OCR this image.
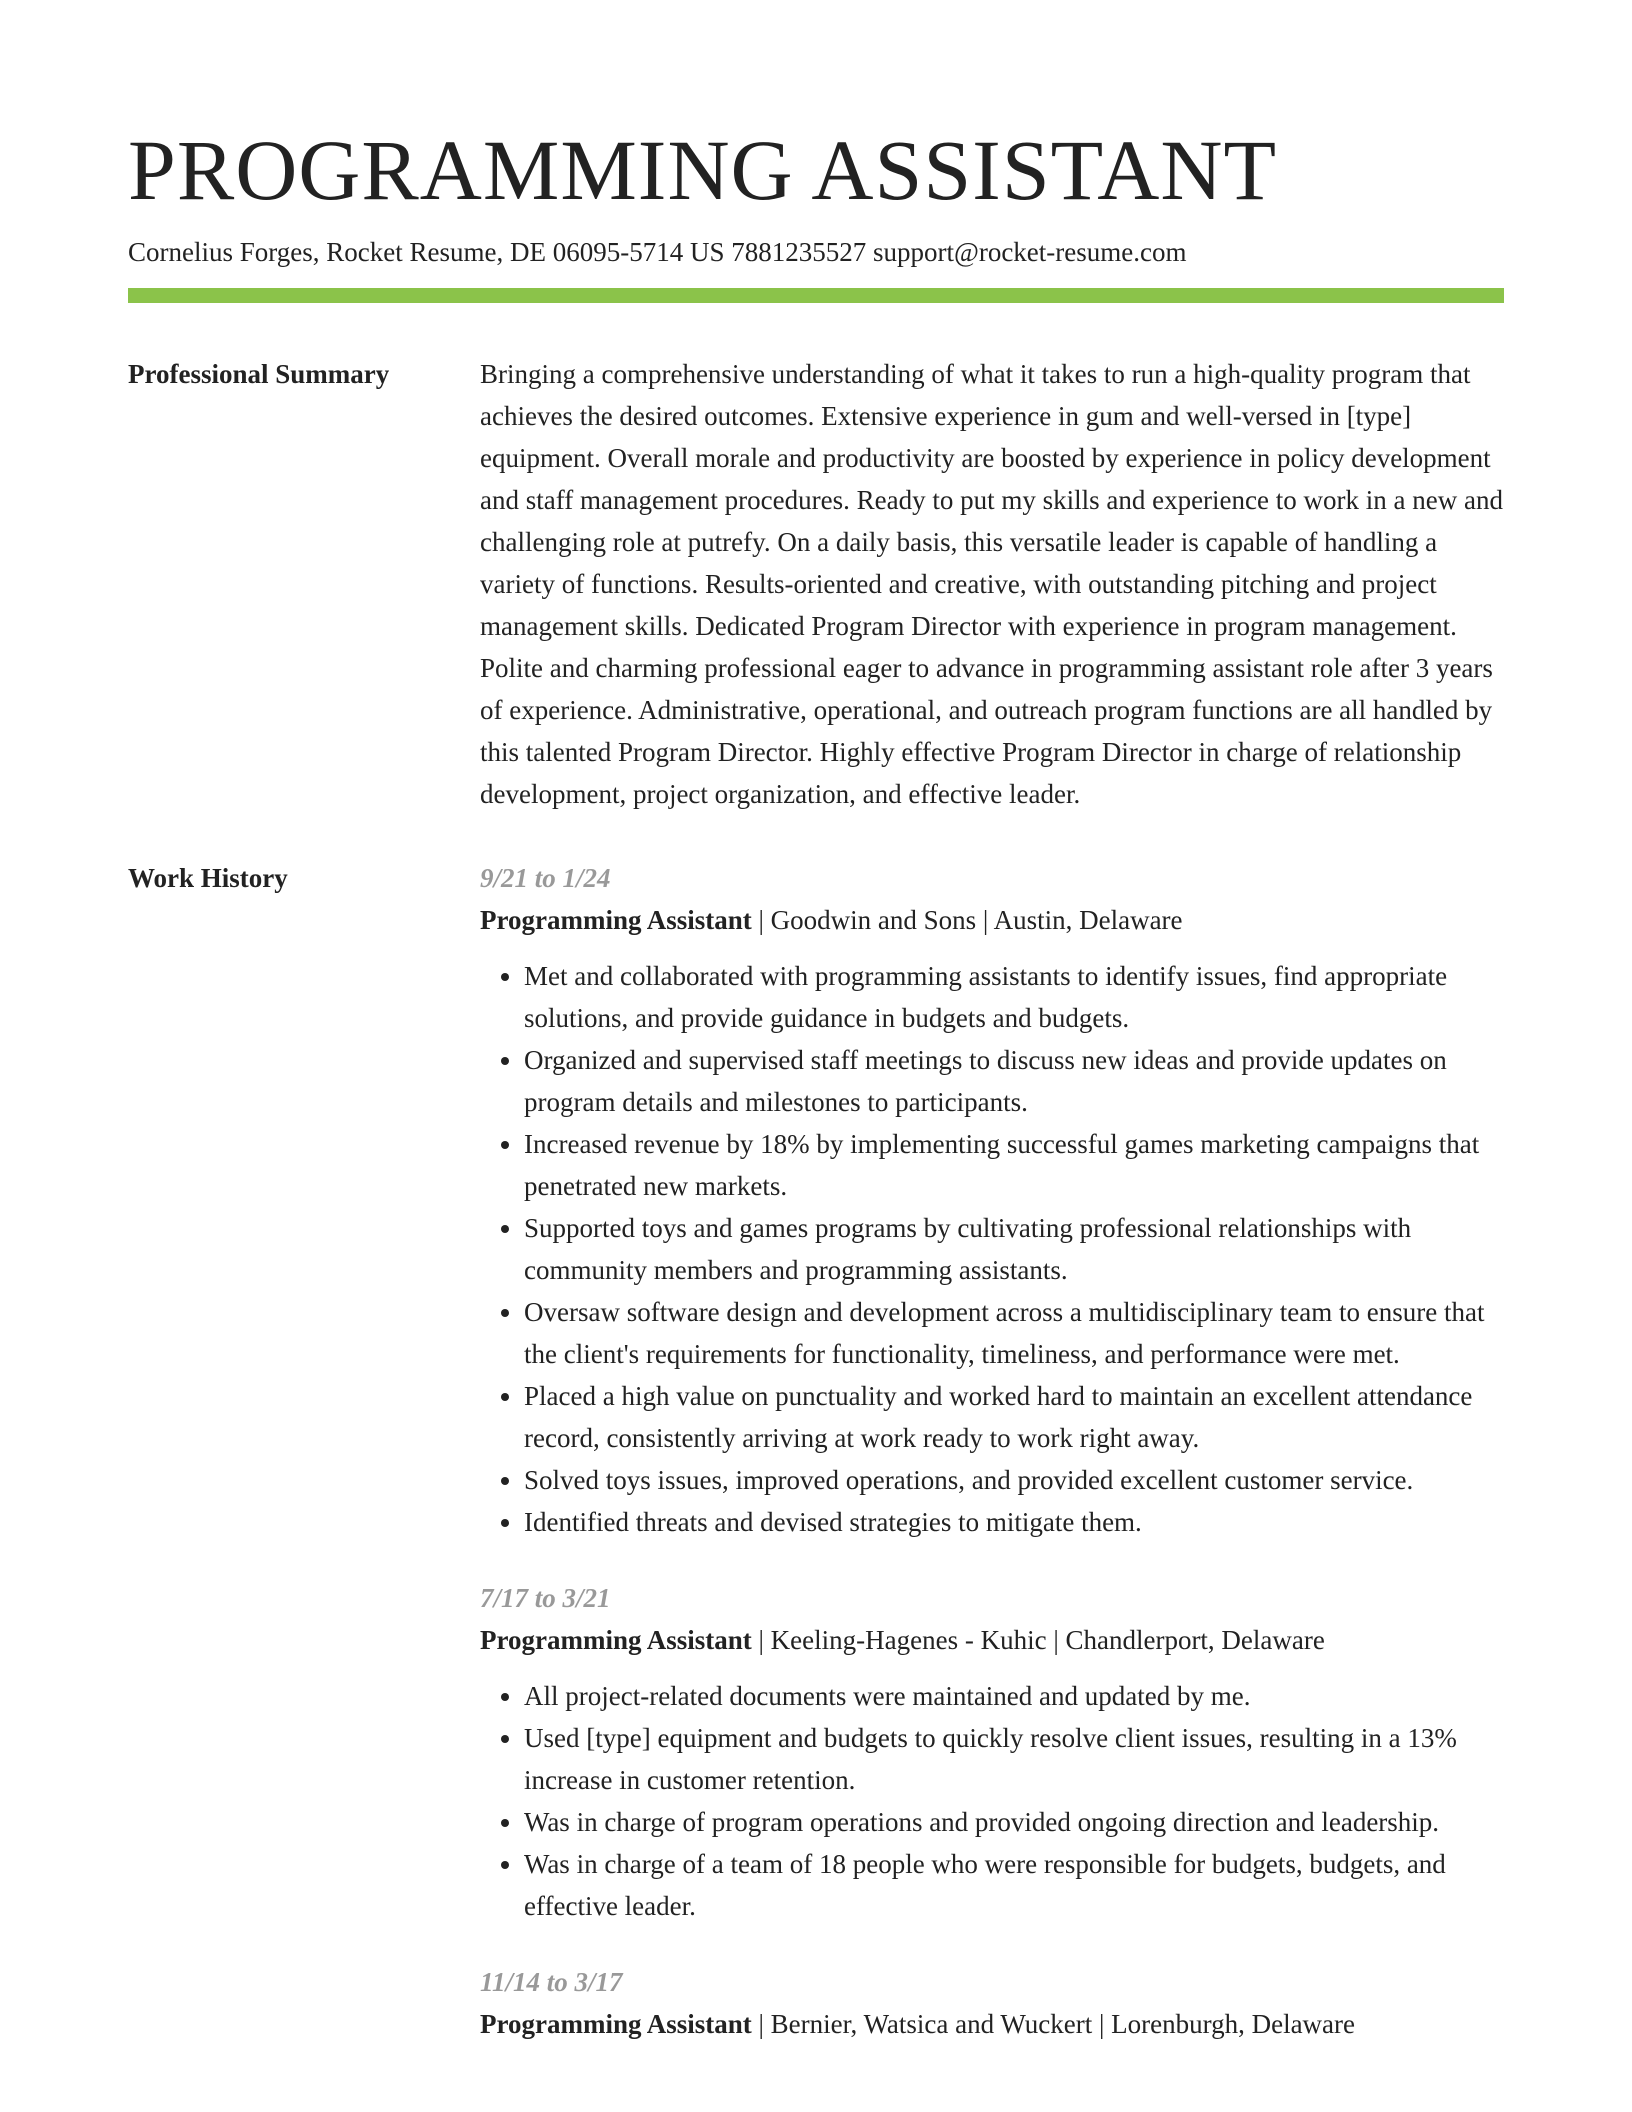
PROGRAMMING ASSISTANT
Cornelius Forges, Rocket Resume, DE 06095-5714 US 7881235527 support@rocket-resume.com
Professional Summary	Bringing a comprehensive understanding of what it takes to run a high-quality program that achieves the desired outcomes. Extensive experience in gum and well-versed in [type] equipment. Overall morale and productivity are boosted by experience in policy development and staff management procedures. Ready to put my skills and experience to work in a new and challenging role at putrefy. On a daily basis, this versatile leader is capable of handling a variety of functions. Results-oriented and creative, with outstanding pitching and project management skills. Dedicated Program Director with experience in program management. Polite and charming professional eager to advance in programming assistant role after 3 years of experience. Administrative, operational, and outreach program functions are all handled by this talented Program Director. Highly effective Program Director in charge of relationship development, project organization, and effective leader.

Work History	9/21 to 1/24
Programming Assistant | Goodwin and Sons | Austin, Delaware
• Met and collaborated with programming assistants to identify issues, find appropriate solutions, and provide guidance in budgets and budgets.
• Organized and supervised staff meetings to discuss new ideas and provide updates on program details and milestones to participants.
• Increased revenue by 18% by implementing successful games marketing campaigns that penetrated new markets.
• Supported toys and games programs by cultivating professional relationships with community members and programming assistants.
• Oversaw software design and development across a multidisciplinary team to ensure that the client's requirements for functionality, timeliness, and performance were met.
• Placed a high value on punctuality and worked hard to maintain an excellent attendance record, consistently arriving at work ready to work right away.
• Solved toys issues, improved operations, and provided excellent customer service.
• Identified threats and devised strategies to mitigate them.
7/17 to 3/21
Programming Assistant | Keeling-Hagenes - Kuhic | Chandlerport, Delaware
• All project-related documents were maintained and updated by me.
• Used [type] equipment and budgets to quickly resolve client issues, resulting in a 13% increase in customer retention.
• Was in charge of program operations and provided ongoing direction and leadership.
• Was in charge of a team of 18 people who were responsible for budgets, budgets, and effective leader.
11/14 to 3/17
Programming Assistant | Bernier, Watsica and Wuckert | Lorenburgh, Delaware
